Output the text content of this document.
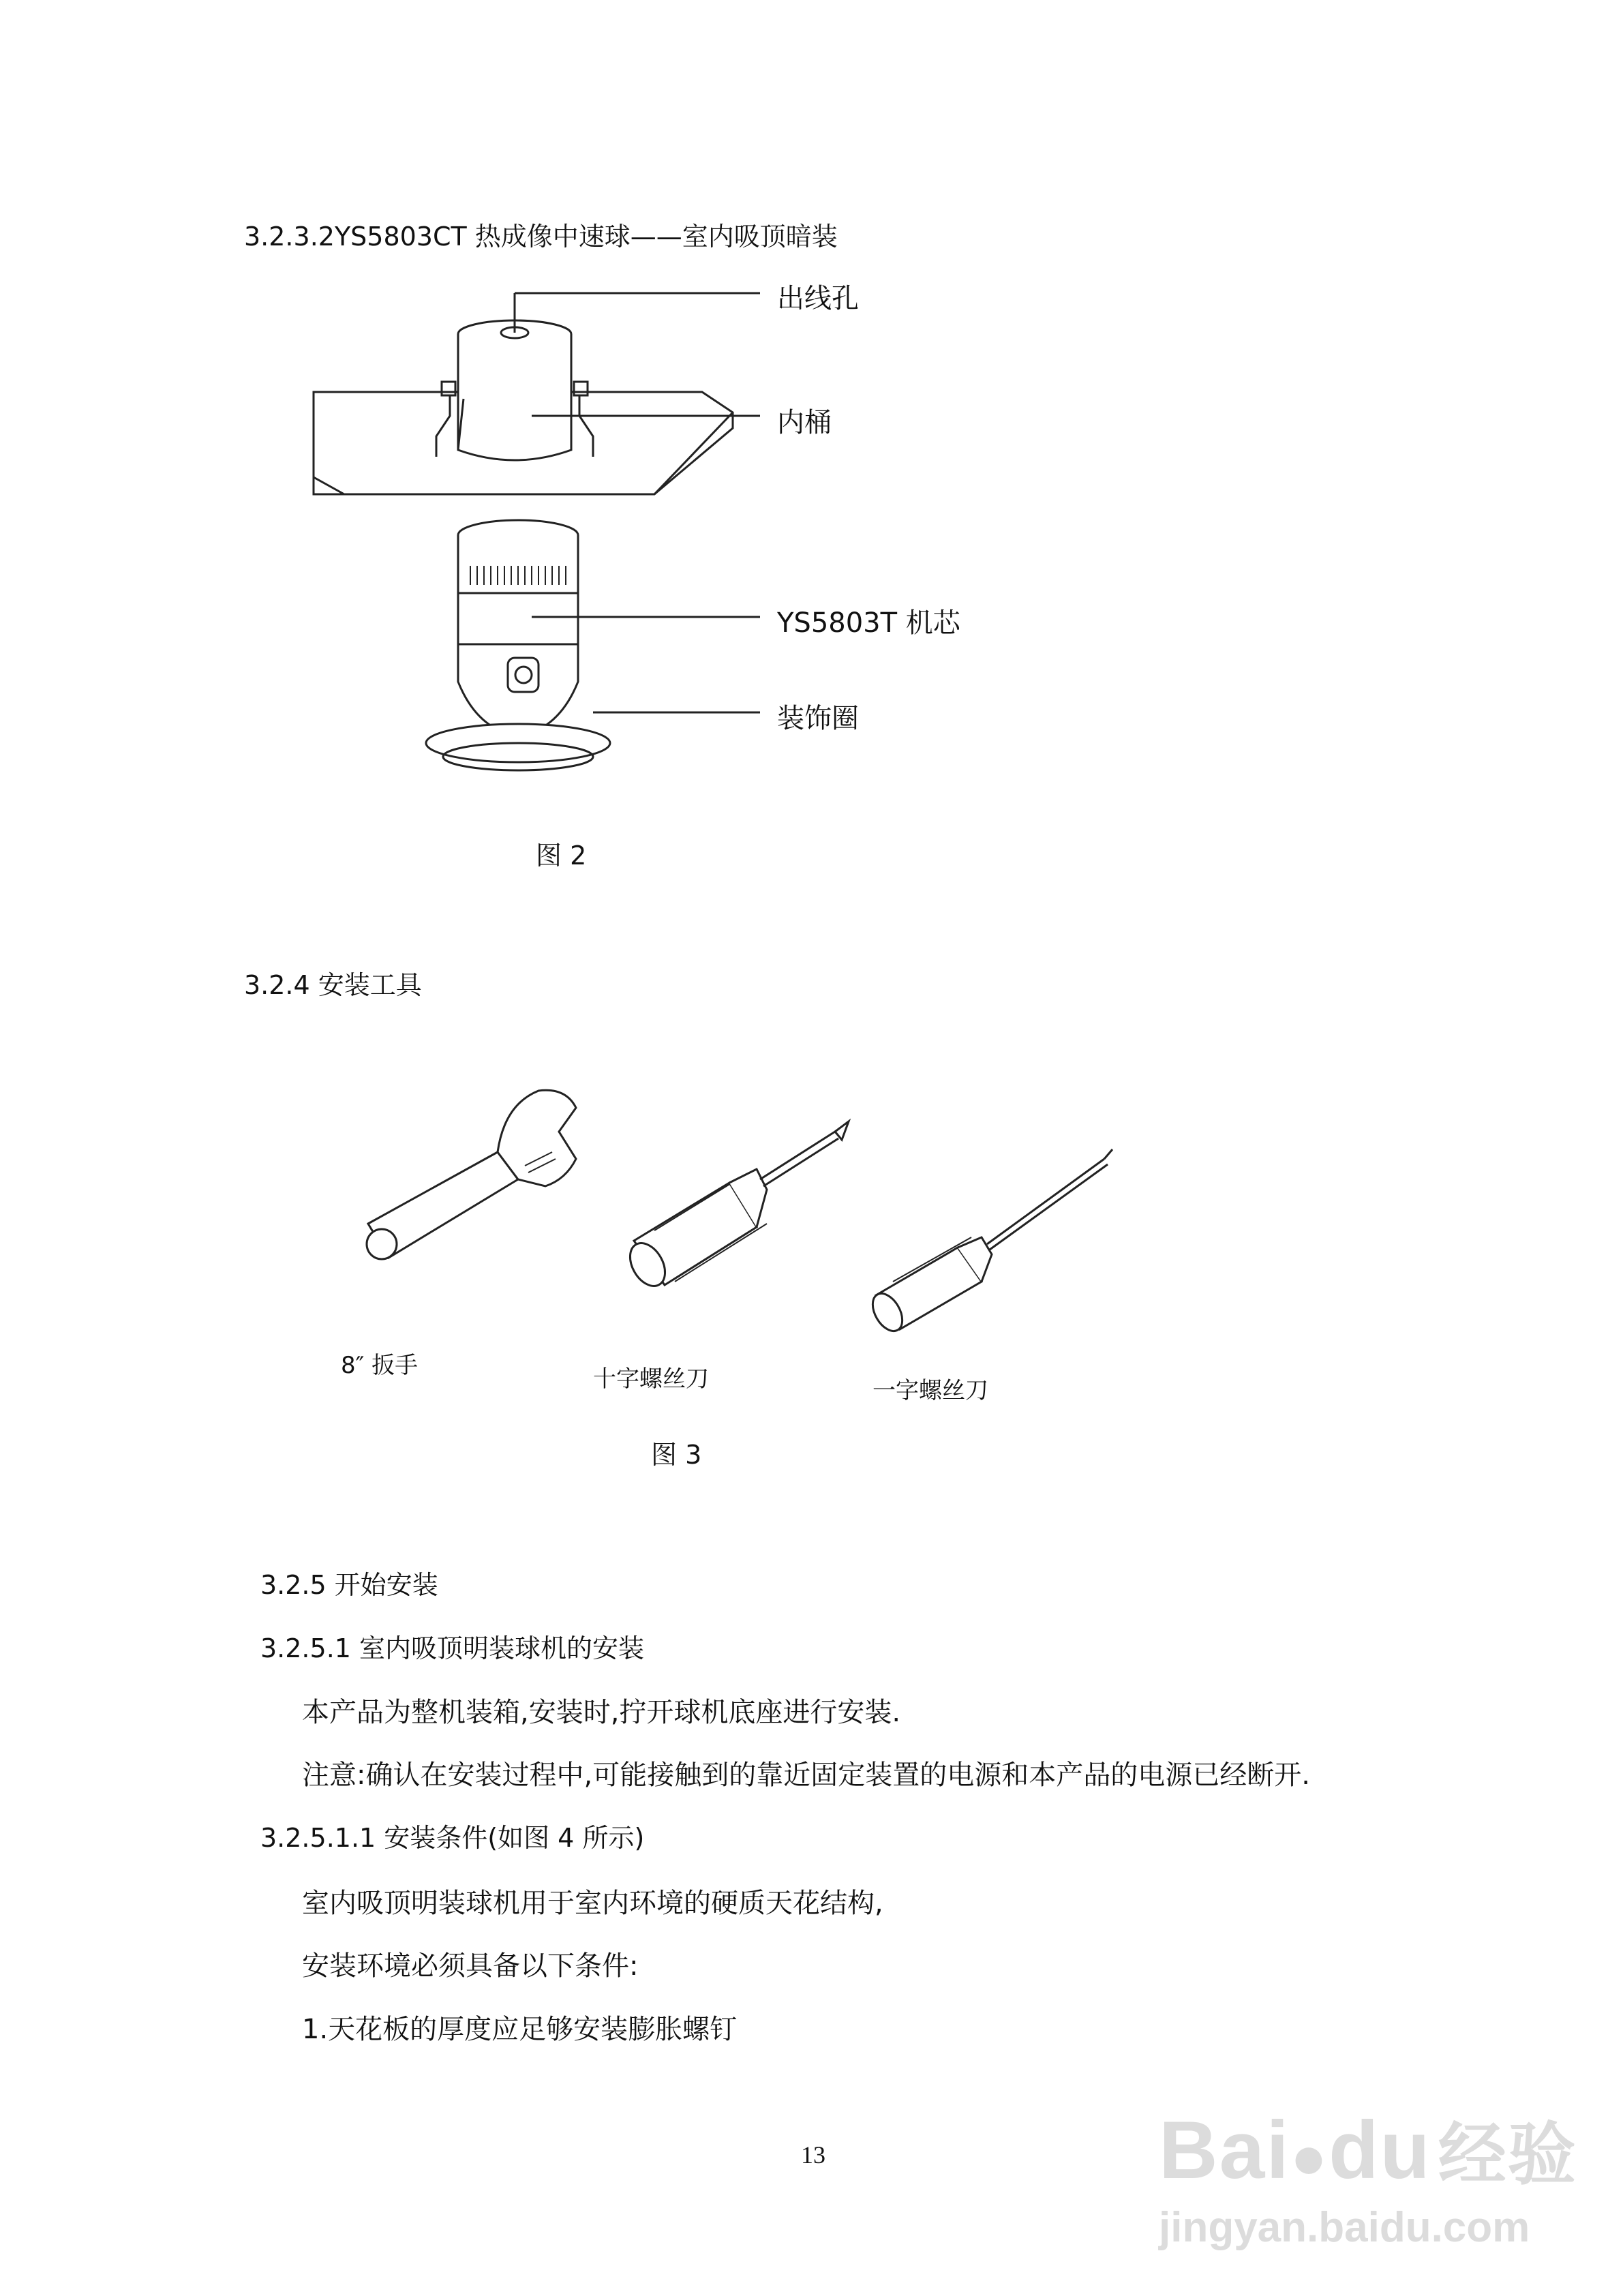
3.2.3.2YS5803CT 热成像中速球——室内吸顶暗装
出线孔
内桶
YS5803T 机芯
装饰圈
图 2
3.2.4 安装工具
8″ 扳手	十字螺丝刀	一字螺丝刀
图 3
3.2.5 开始安装
3.2.5.1 室内吸顶明装球机的安装
本产品为整机装箱,安装时,拧开球机底座进行安装.
注意:确认在安装过程中,可能接触到的靠近固定装置的电源和本产品的电源已经断开.
3.2.5.1.1 安装条件(如图 4 所示)
室内吸顶明装球机用于室内环境的硬质天花结构,
安装环境必须具备以下条件:
1.天花板的厚度应足够安装膨胀螺钉
13	Bai●du 经验
jingyan.baidu.com
